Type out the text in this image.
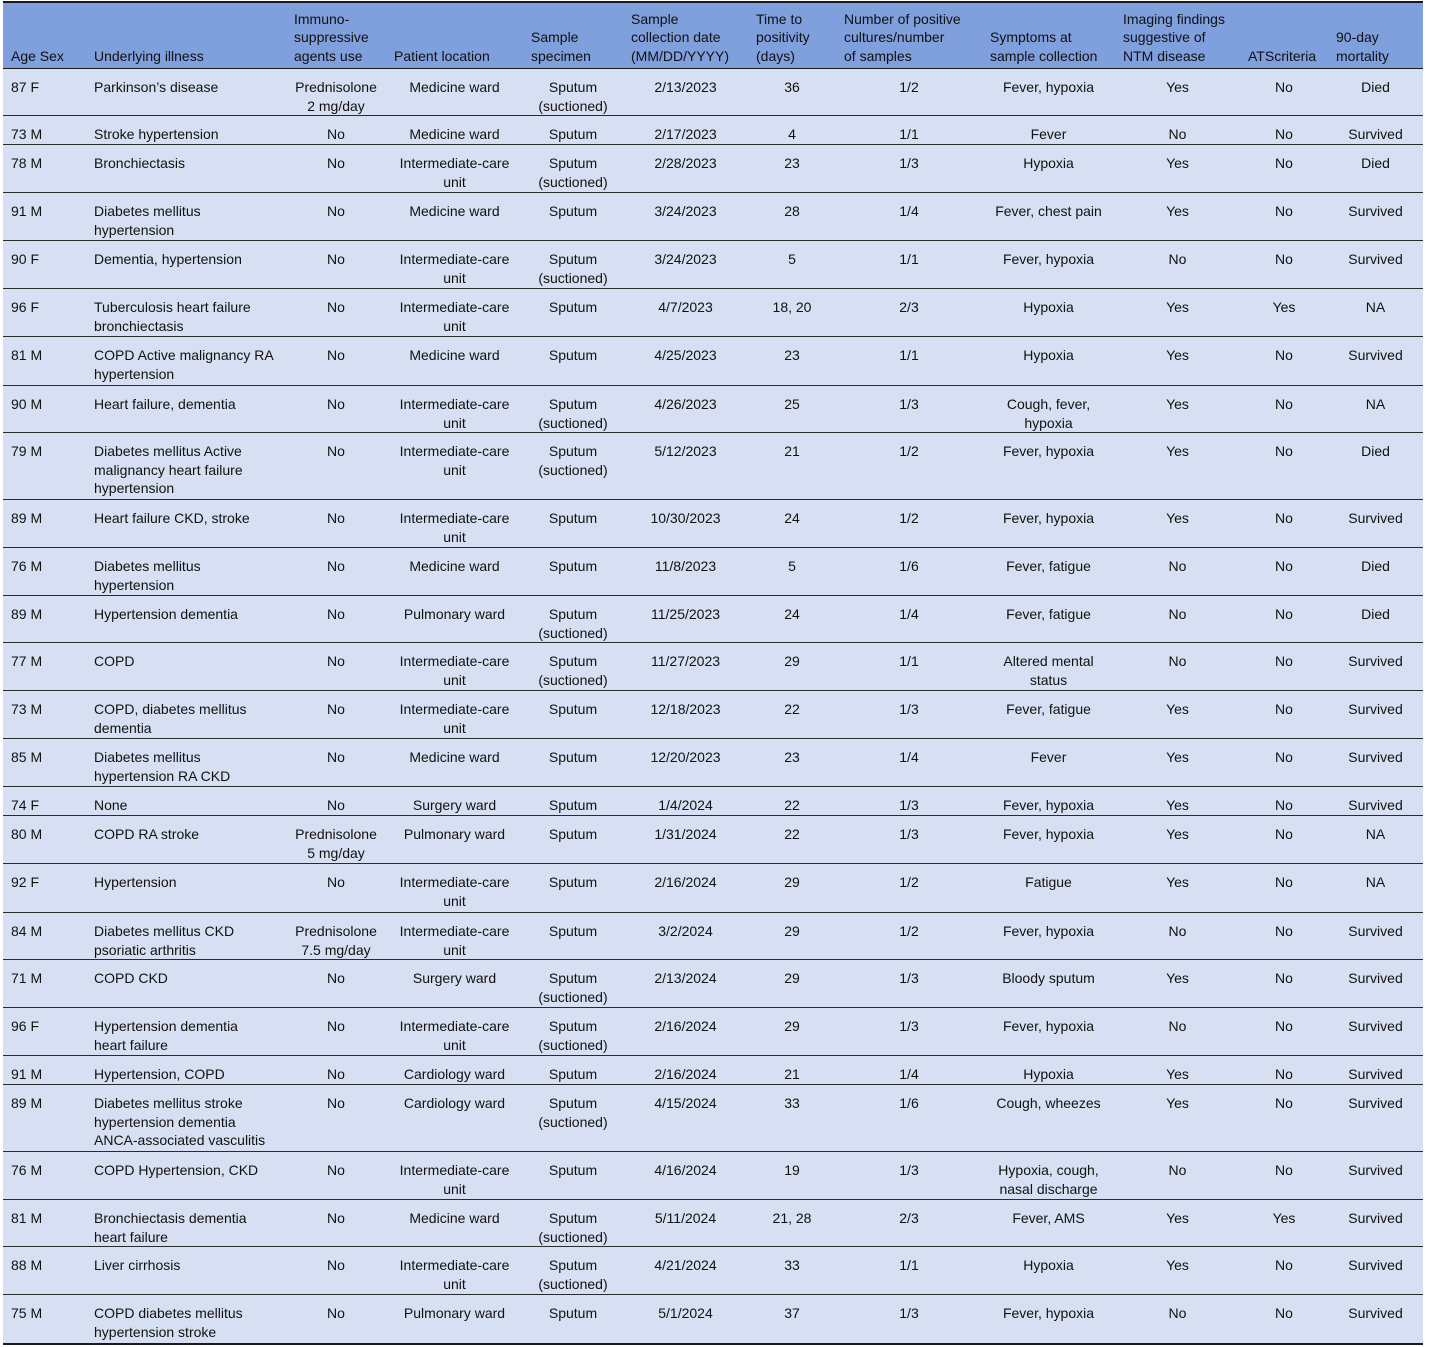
Age Sex	Underlying illness	Immuno-
suppressive
agents use	Patient location	Sample
specimen	Sample
collection date
(MM/DD/YYYY)	Time to
positivity
(days)	Number of positive
cultures/number
of samples	Symptoms at
sample collection	Imaging findings
suggestive of
NTM disease	ATScriteria	90-day
mortality
87 F	Parkinson’s disease	Prednisolone
2 mg/day	Medicine ward	Sputum
(suctioned)	2/13/2023	36	1/2	Fever, hypoxia	Yes	No	Died
73 M	Stroke hypertension	No	Medicine ward	Sputum	2/17/2023	4	1/1	Fever	No	No	Survived
78 M	Bronchiectasis	No	Intermediate-care
unit	Sputum
(suctioned)	2/28/2023	23	1/3	Hypoxia	Yes	No	Died
91 M	Diabetes mellitus
hypertension	No	Medicine ward	Sputum	3/24/2023	28	1/4	Fever, chest pain	Yes	No	Survived
90 F	Dementia, hypertension	No	Intermediate-care
unit	Sputum
(suctioned)	3/24/2023	5	1/1	Fever, hypoxia	No	No	Survived
96 F	Tuberculosis heart failure
bronchiectasis	No	Intermediate-care
unit	Sputum	4/7/2023	18, 20	2/3	Hypoxia	Yes	Yes	NA
81 M	COPD Active malignancy RA
hypertension	No	Medicine ward	Sputum	4/25/2023	23	1/1	Hypoxia	Yes	No	Survived
90 M	Heart failure, dementia	No	Intermediate-care
unit	Sputum
(suctioned)	4/26/2023	25	1/3	Cough, fever,
hypoxia	Yes	No	NA
79 M	Diabetes mellitus Active
malignancy heart failure
hypertension	No	Intermediate-care
unit	Sputum
(suctioned)	5/12/2023	21	1/2	Fever, hypoxia	Yes	No	Died
89 M	Heart failure CKD, stroke	No	Intermediate-care
unit	Sputum	10/30/2023	24	1/2	Fever, hypoxia	Yes	No	Survived
76 M	Diabetes mellitus
hypertension	No	Medicine ward	Sputum	11/8/2023	5	1/6	Fever, fatigue	No	No	Died
89 M	Hypertension dementia	No	Pulmonary ward	Sputum
(suctioned)	11/25/2023	24	1/4	Fever, fatigue	No	No	Died
77 M	COPD	No	Intermediate-care
unit	Sputum
(suctioned)	11/27/2023	29	1/1	Altered mental
status	No	No	Survived
73 M	COPD, diabetes mellitus
dementia	No	Intermediate-care
unit	Sputum	12/18/2023	22	1/3	Fever, fatigue	Yes	No	Survived
85 M	Diabetes mellitus
hypertension RA CKD	No	Medicine ward	Sputum	12/20/2023	23	1/4	Fever	Yes	No	Survived
74 F	None	No	Surgery ward	Sputum	1/4/2024	22	1/3	Fever, hypoxia	Yes	No	Survived
80 M	COPD RA stroke	Prednisolone
5 mg/day	Pulmonary ward	Sputum	1/31/2024	22	1/3	Fever, hypoxia	Yes	No	NA
92 F	Hypertension	No	Intermediate-care
unit	Sputum	2/16/2024	29	1/2	Fatigue	Yes	No	NA
84 M	Diabetes mellitus CKD
psoriatic arthritis	Prednisolone
7.5 mg/day	Intermediate-care
unit	Sputum	3/2/2024	29	1/2	Fever, hypoxia	No	No	Survived
71 M	COPD CKD	No	Surgery ward	Sputum
(suctioned)	2/13/2024	29	1/3	Bloody sputum	Yes	No	Survived
96 F	Hypertension dementia
heart failure	No	Intermediate-care
unit	Sputum
(suctioned)	2/16/2024	29	1/3	Fever, hypoxia	No	No	Survived
91 M	Hypertension, COPD	No	Cardiology ward	Sputum	2/16/2024	21	1/4	Hypoxia	Yes	No	Survived
89 M	Diabetes mellitus stroke
hypertension dementia
ANCA-associated vasculitis	No	Cardiology ward	Sputum
(suctioned)	4/15/2024	33	1/6	Cough, wheezes	Yes	No	Survived
76 M	COPD Hypertension, CKD	No	Intermediate-care
unit	Sputum	4/16/2024	19	1/3	Hypoxia, cough,
nasal discharge	No	No	Survived
81 M	Bronchiectasis dementia
heart failure	No	Medicine ward	Sputum
(suctioned)	5/11/2024	21, 28	2/3	Fever, AMS	Yes	Yes	Survived
88 M	Liver cirrhosis	No	Intermediate-care
unit	Sputum
(suctioned)	4/21/2024	33	1/1	Hypoxia	Yes	No	Survived
75 M	COPD diabetes mellitus
hypertension stroke	No	Pulmonary ward	Sputum	5/1/2024	37	1/3	Fever, hypoxia	No	No	Survived
